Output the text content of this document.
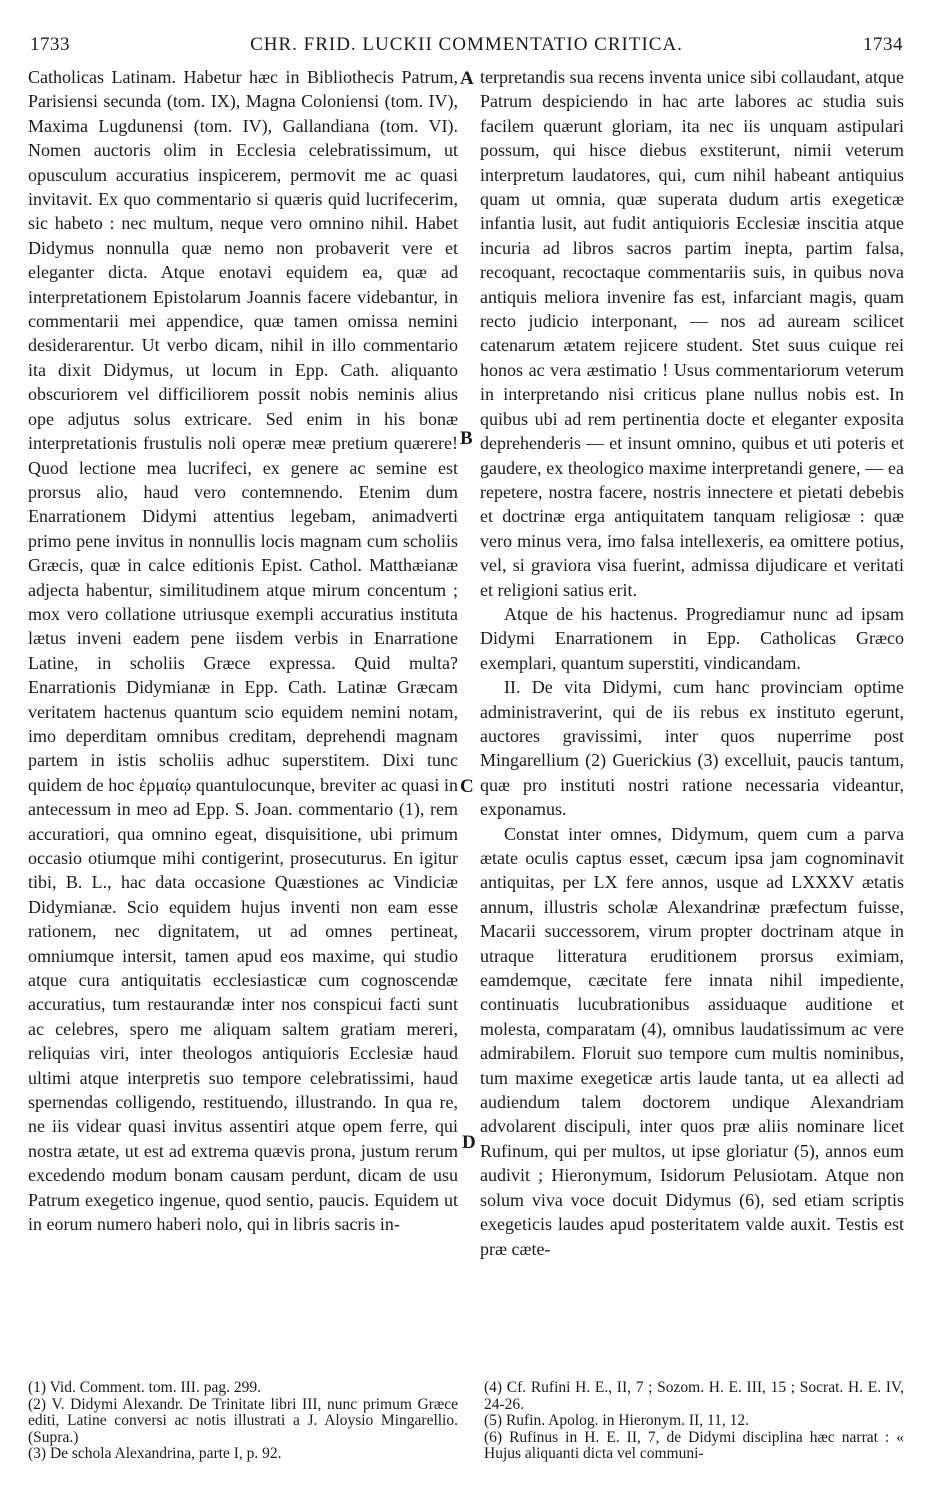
1733	CHR. FRID. LUCKII COMMENTATIO CRITICA.	1734

Catholicas Latinam. Habetur hæc in Bibliothecis Patrum, Parisiensi secunda (tom. IX), Magna Coloniensi (tom. IV), Maxima Lugdunensi (tom. IV), Gallandiana (tom. VI). Nomen auctoris olim in Ecclesia celebratissimum, ut opusculum accuratius inspicerem, permovit me ac quasi invitavit. Ex quo commentario si quæris quid lucrifecerim, sic habeto : nec multum, neque vero omnino nihil. Habet Didymus nonnulla quæ nemo non probaverit vere et eleganter dicta. Atque enotavi equidem ea, quæ ad interpretationem Epistolarum Joannis facere videbantur, in commentarii mei appendice, quæ tamen omissa nemini desiderarentur. Ut verbo dicam, nihil in illo commentario ita dixit Didymus, ut locum in Epp. Cath. aliquanto obscuriorem vel difficiliorem possit nobis neminis alius ope adjutus solus extricare. Sed enim in his bonæ interpretationis frustulis noli operæ meæ pretium quærere! Quod lectione mea lucrifeci, ex genere ac semine est prorsus alio, haud vero contemnendo. Etenim dum Enarrationem Didymi attentius legebam, animadverti primo pene invitus in nonnullis locis magnam cum scholiis Græcis, quæ in calce editionis Epist. Cathol. Matthæianæ adjecta habentur, similitudinem atque mirum concentum ; mox vero collatione utriusque exempli accuratius instituta lætus inveni eadem pene iisdem verbis in Enarratione Latine, in scholiis Græce expressa. Quid multa? Enarrationis Didymianæ in Epp. Cath. Latinæ Græcam veritatem hactenus quantum scio equidem nemini notam, imo deperditam omnibus creditam, deprehendi magnam partem in istis scholiis adhuc superstitem. Dixi tunc quidem de hoc ἑρμαίῳ quantulocunque, breviter ac quasi in antecessum in meo ad Epp. S. Joan. commentario (1), rem accuratiori, qua omnino egeat, disquisitione, ubi primum occasio otiumque mihi contigerint, prosecuturus. En igitur tibi, B. L., hac data occasione Quæstiones ac Vindiciæ Didymianæ. Scio equidem hujus inventi non eam esse rationem, nec dignitatem, ut ad omnes pertineat, omniumque intersit, tamen apud eos maxime, qui studio atque cura antiquitatis ecclesiasticæ cum cognoscendæ accuratius, tum restaurandæ inter nos conspicui facti sunt ac celebres, spero me aliquam saltem gratiam mereri, reliquias viri, inter theologos antiquioris Ecclesiæ haud ultimi atque interpretis suo tempore celebratissimi, haud spernendas colligendo, restituendo, illustrando. In qua re, ne iis videar quasi invitus assentiri atque opem ferre, qui nostra ætate, ut est ad extrema quævis prona, justum rerum excedendo modum bonam causam perdunt, dicam de usu Patrum exegetico ingenue, quod sentio, paucis. Equidem ut in eorum numero haberi nolo, qui in libris sacris in-

terpretandis sua recens inventa unice sibi collaudant, atque Patrum despiciendo in hac arte labores ac studia suis facilem quærunt gloriam, ita nec iis unquam astipulari possum, qui hisce diebus exstiterunt, nimii veterum interpretum laudatores, qui, cum nihil habeant antiquius quam ut omnia, quæ superata dudum artis exegeticæ infantia lusit, aut fudit antiquioris Ecclesiæ inscitia atque incuria ad libros sacros partim inepta, partim falsa, recoquant, recoctaque commentariis suis, in quibus nova antiquis meliora invenire fas est, infarciant magis, quam recto judicio interponant, — nos ad auream scilicet catenarum ætatem rejicere student. Stet suus cuique rei honos ac vera æstimatio ! Usus commentariorum veterum in interpretando nisi criticus plane nullus nobis est. In quibus ubi ad rem pertinentia docte et eleganter exposita deprehenderis — et insunt omnino, quibus et uti poteris et gaudere, ex theologico maxime interpretandi genere, — ea repetere, nostra facere, nostris innectere et pietati debebis et doctrinæ erga antiquitatem tanquam religiosæ : quæ vero minus vera, imo falsa intellexeris, ea omittere potius, vel, si graviora visa fuerint, admissa dijudicare et veritati et religioni satius erit.

Atque de his hactenus. Progrediamur nunc ad ipsam Didymi Enarrationem in Epp. Catholicas Græco exemplari, quantum superstiti, vindicandam.

II. De vita Didymi, cum hanc provinciam optime administraverint, qui de iis rebus ex instituto egerunt, auctores gravissimi, inter quos nuperrime post Mingarellium (2) Guerickius (3) excelluit, paucis tantum, quæ pro instituti nostri ratione necessaria videantur, exponamus.

Constat inter omnes, Didymum, quem cum a parva ætate oculis captus esset, cæcum ipsa jam cognominavit antiquitas, per LX fere annos, usque ad LXXXV ætatis annum, illustris scholæ Alexandrinæ præfectum fuisse, Macarii successorem, virum propter doctrinam atque in utraque litteratura eruditionem prorsus eximiam, eamdemque, cæcitate fere innata nihil impediente, continuatis lucubrationibus assiduaque auditione et molesta, comparatam (4), omnibus laudatissimum ac vere admirabilem. Floruit suo tempore cum multis nominibus, tum maxime exegeticæ artis laude tanta, ut ea allecti ad audiendum talem doctorem undique Alexandriam advolarent discipuli, inter quos præ aliis nominare licet Rufinum, qui per multos, ut ipse gloriatur (5), annos eum audivit ; Hieronymum, Isidorum Pelusiotam. Atque non solum viva voce docuit Didymus (6), sed etiam scriptis exegeticis laudes apud posteritatem valde auxit. Testis est præ cæte-

A
B
C
D
(1) Vid. Comment. tom. III. pag. 299.
(2) V. Didymi Alexandr. De Trinitate libri III, nunc primum Græce editi, Latine conversi ac notis illustrati a J. Aloysio Mingarellio. (Supra.)
(3) De schola Alexandrina, parte I, p. 92.
(4) Cf. Rufini H. E., II, 7 ; Sozom. H. E. III, 15 ; Socrat. H. E. IV, 24-26.
(5) Rufin. Apolog. in Hieronym. II, 11, 12.
(6) Rufinus in H. E. II, 7, de Didymi disciplina hæc narrat : « Hujus aliquanti dicta vel communi-
